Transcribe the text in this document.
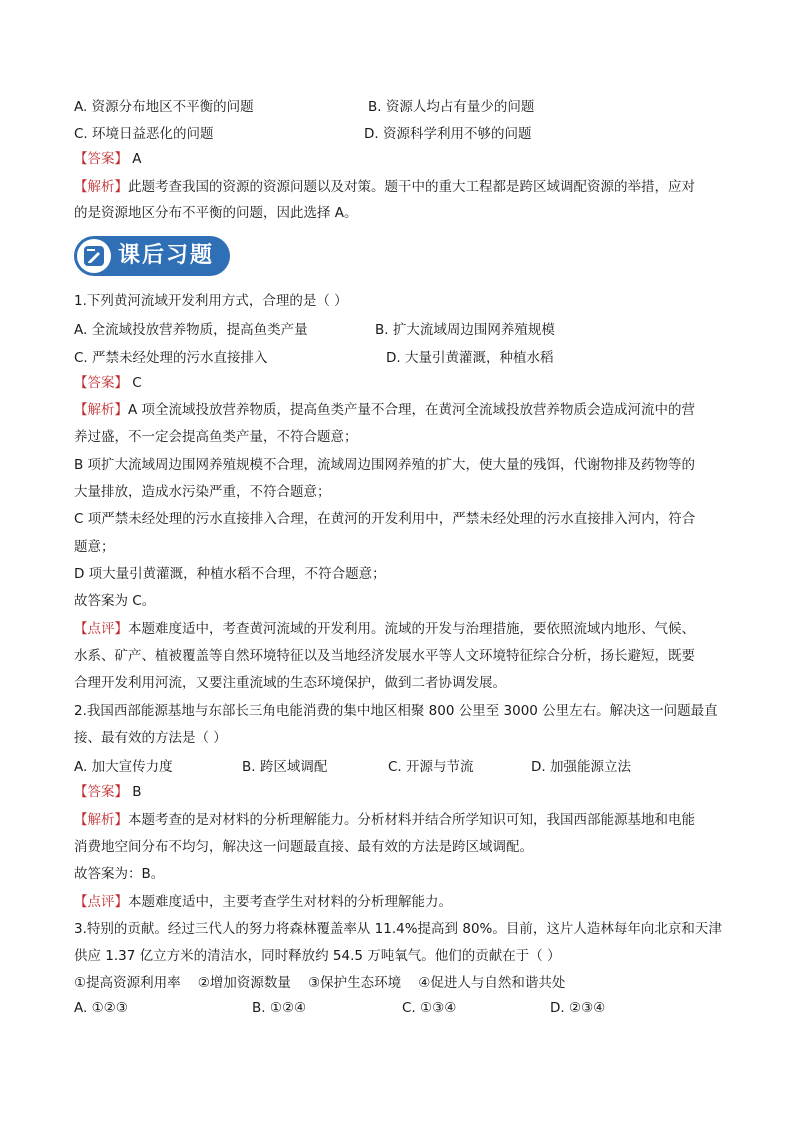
A. 资源分布地区不平衡的问题	B. 资源人均占有量少的问题
C. 环境日益恶化的问题	D. 资源科学利用不够的问题
【答案】 A
【解析】此题考查我国的资源的资源问题以及对策。题干中的重大工程都是跨区域调配资源的举措，应对
的是资源地区分布不平衡的问题，因此选择 A。
课后习题
1.下列黄河流域开发利用方式，合理的是（ ）
A. 全流域投放营养物质，提高鱼类产量	B. 扩大流域周边围网养殖规模
C. 严禁未经处理的污水直接排入	D. 大量引黄灌溉，种植水稻
【答案】 C
【解析】A 项全流域投放营养物质，提高鱼类产量不合理，在黄河全流域投放营养物质会造成河流中的营
养过盛，不一定会提高鱼类产量，不符合题意；
B 项扩大流域周边围网养殖规模不合理，流域周边围网养殖的扩大，使大量的残饵，代谢物排及药物等的
大量排放，造成水污染严重，不符合题意；
C 项严禁未经处理的污水直接排入合理，在黄河的开发利用中，严禁未经处理的污水直接排入河内，符合
题意；
D 项大量引黄灌溉，种植水稻不合理，不符合题意；
故答案为 C。
【点评】本题难度适中，考查黄河流域的开发利用。流域的开发与治理措施，要依照流域内地形、气候、
水系、矿产、植被覆盖等自然环境特征以及当地经济发展水平等人文环境特征综合分析，扬长避短，既要
合理开发利用河流，又要注重流域的生态环境保护，做到二者协调发展。
2.我国西部能源基地与东部长三角电能消费的集中地区相聚 800 公里至 3000 公里左右。解决这一问题最直
接、最有效的方法是（ ）
A. 加大宣传力度	B. 跨区域调配	C. 开源与节流	D. 加强能源立法
【答案】 B
【解析】本题考查的是对材料的分析理解能力。分析材料并结合所学知识可知，我国西部能源基地和电能
消费地空间分布不均匀，解决这一问题最直接、最有效的方法是跨区域调配。
故答案为：B。
【点评】本题难度适中，主要考查学生对材料的分析理解能力。
3.特别的贡献。经过三代人的努力将森林覆盖率从 11.4%提高到 80%。目前，这片人造林每年向北京和天津
供应 1.37 亿立方米的清洁水，同时释放约 54.5 万吨氧气。他们的贡献在于（ ）
①提高资源利用率    ②增加资源数量    ③保护生态环境    ④促进人与自然和谐共处
A. ①②③	B. ①②④	C. ①③④	D. ②③④
